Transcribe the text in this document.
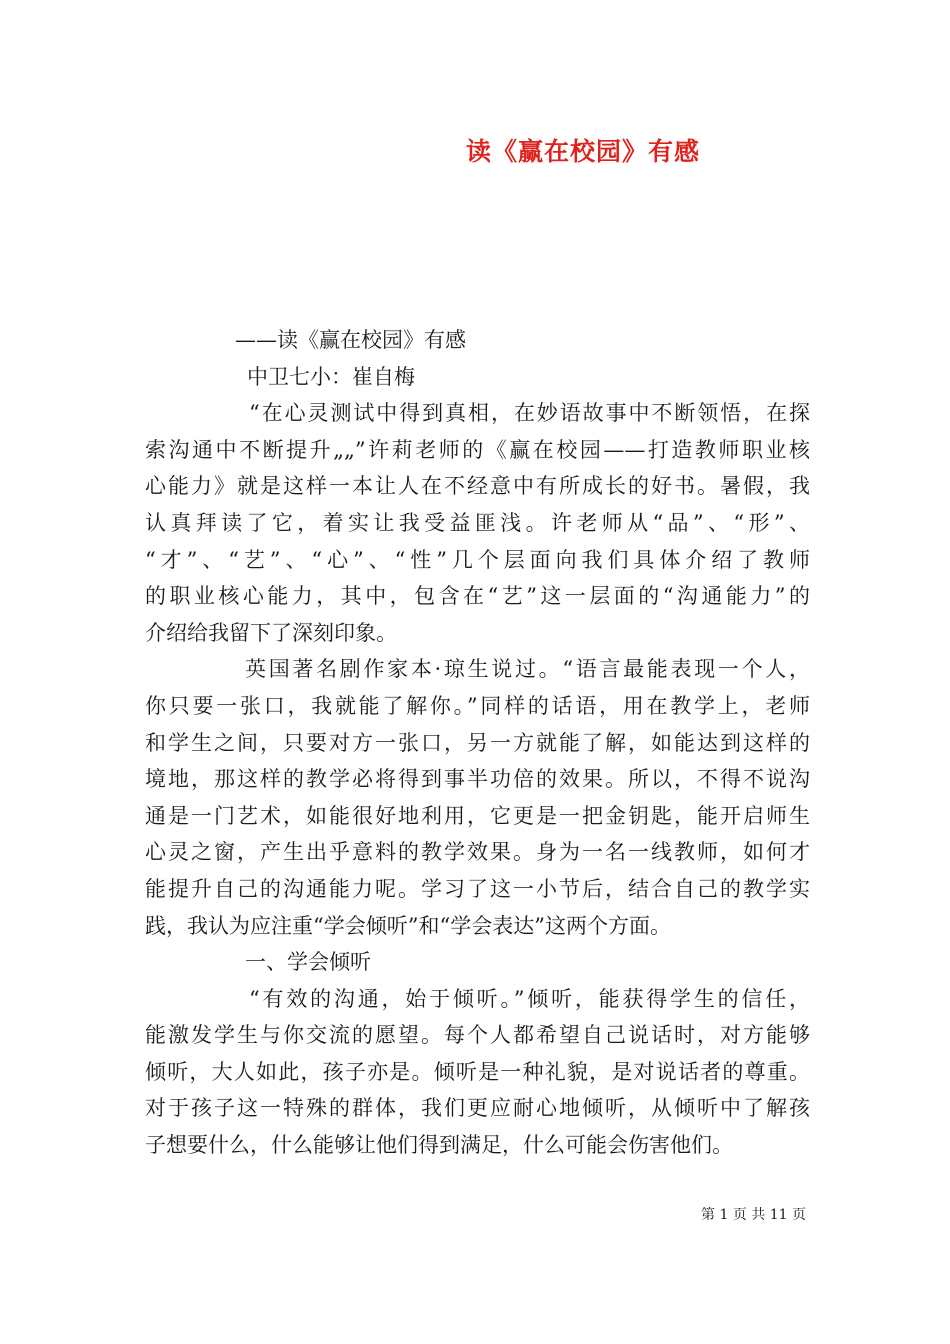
读《赢在校园》有感
——读《赢在校园》有感
中卫七小：崔自梅
“在心灵测试中得到真相，在妙语故事中不断领悟，在探
索沟通中不断提升„„”许莉老师的《赢在校园——打造教师职业核
心能力》就是这样一本让人在不经意中有所成长的好书。暑假，我
认真拜读了它，着实让我受益匪浅。许老师从“品”、“形”、
“才”、“艺”、“心”、“性”几个层面向我们具体介绍了教师
的职业核心能力，其中，包含在“艺”这一层面的“沟通能力”的
介绍给我留下了深刻印象。
英国著名剧作家本·琼生说过。“语言最能表现一个人，
你只要一张口，我就能了解你。”同样的话语，用在教学上，老师
和学生之间，只要对方一张口，另一方就能了解，如能达到这样的
境地，那这样的教学必将得到事半功倍的效果。所以，不得不说沟
通是一门艺术，如能很好地利用，它更是一把金钥匙，能开启师生
心灵之窗，产生出乎意料的教学效果。身为一名一线教师，如何才
能提升自己的沟通能力呢。学习了这一小节后，结合自己的教学实
践，我认为应注重“学会倾听”和“学会表达”这两个方面。
一、学会倾听
“有效的沟通，始于倾听。”倾听，能获得学生的信任，
能激发学生与你交流的愿望。每个人都希望自己说话时，对方能够
倾听，大人如此，孩子亦是。倾听是一种礼貌，是对说话者的尊重。
对于孩子这一特殊的群体，我们更应耐心地倾听，从倾听中了解孩
子想要什么，什么能够让他们得到满足，什么可能会伤害他们。
第 1 页 共 11 页
